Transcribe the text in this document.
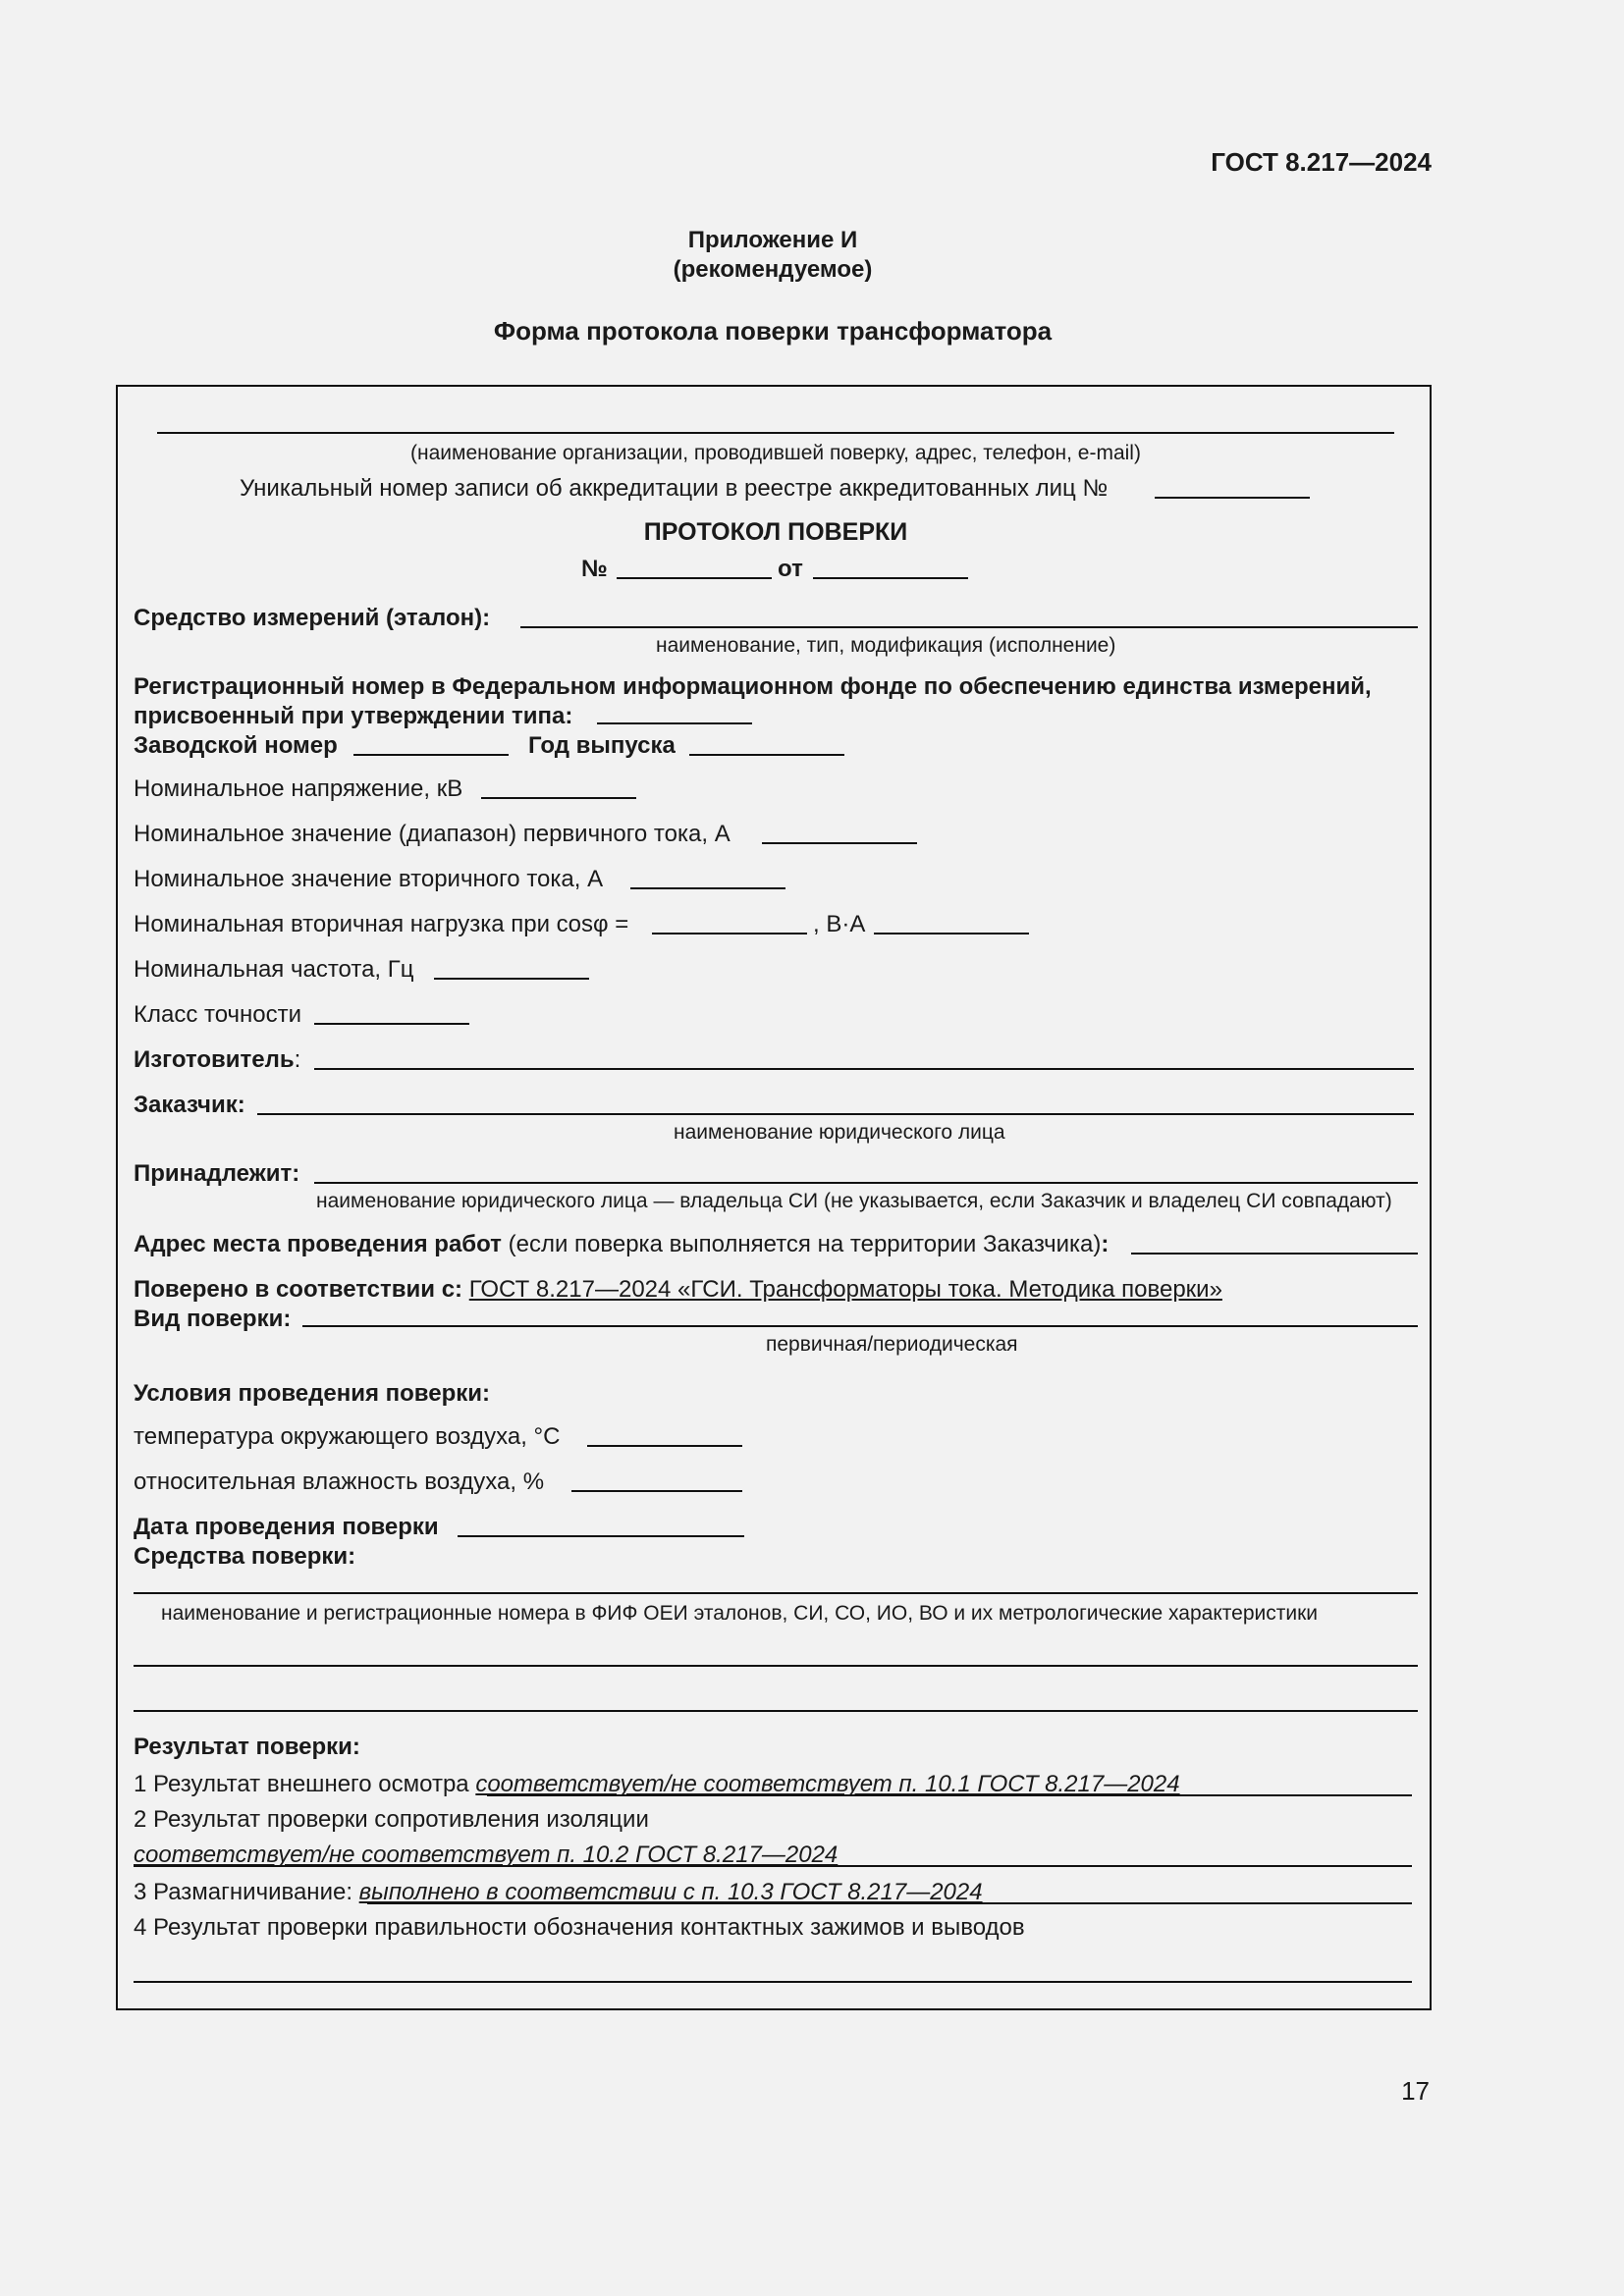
ГОСТ 8.217—2024
Приложение И
(рекомендуемое)
Форма протокола поверки трансформатора
(наименование организации, проводившей поверку, адрес, телефон, e-mail)
Уникальный номер записи об аккредитации в реестре аккредитованных лиц №
ПРОТОКОЛ ПОВЕРКИ
№	от
Средство измерений (эталон):
наименование, тип, модификация (исполнение)
Регистрационный номер в Федеральном информационном фонде по обеспечению единства измерений,
присвоенный при утверждении типа:
Заводской номер	Год выпуска
Номинальное напряжение, кВ
Номинальное значение (диапазон) первичного тока, А
Номинальное значение вторичного тока, А
Номинальная вторичная нагрузка при cosφ =	, В·А
Номинальная частота, Гц
Класс точности
Изготовитель:
Заказчик:
наименование юридического лица
Принадлежит:
наименование юридического лица — владельца СИ (не указывается, если Заказчик и владелец СИ совпадают)
Адрес места проведения работ (если поверка выполняется на территории Заказчика):
Поверено в соответствии с: ГОСТ 8.217—2024 «ГСИ. Трансформаторы тока. Методика поверки»
Вид поверки:
первичная/периодическая
Условия проведения поверки:
температура окружающего воздуха, °С
относительная влажность воздуха, %
Дата проведения поверки
Средства поверки:
наименование и регистрационные номера в ФИФ ОЕИ эталонов, СИ, СО, ИО, ВО и их метрологические характеристики
Результат поверки:
1 Результат внешнего осмотра соответствует/не соответствует п. 10.1 ГОСТ 8.217—2024
2 Результат проверки сопротивления изоляции
соответствует/не соответствует п. 10.2 ГОСТ 8.217—2024
3 Размагничивание: выполнено в соответствии с п. 10.3 ГОСТ 8.217—2024
4 Результат проверки правильности обозначения контактных зажимов и выводов
17
